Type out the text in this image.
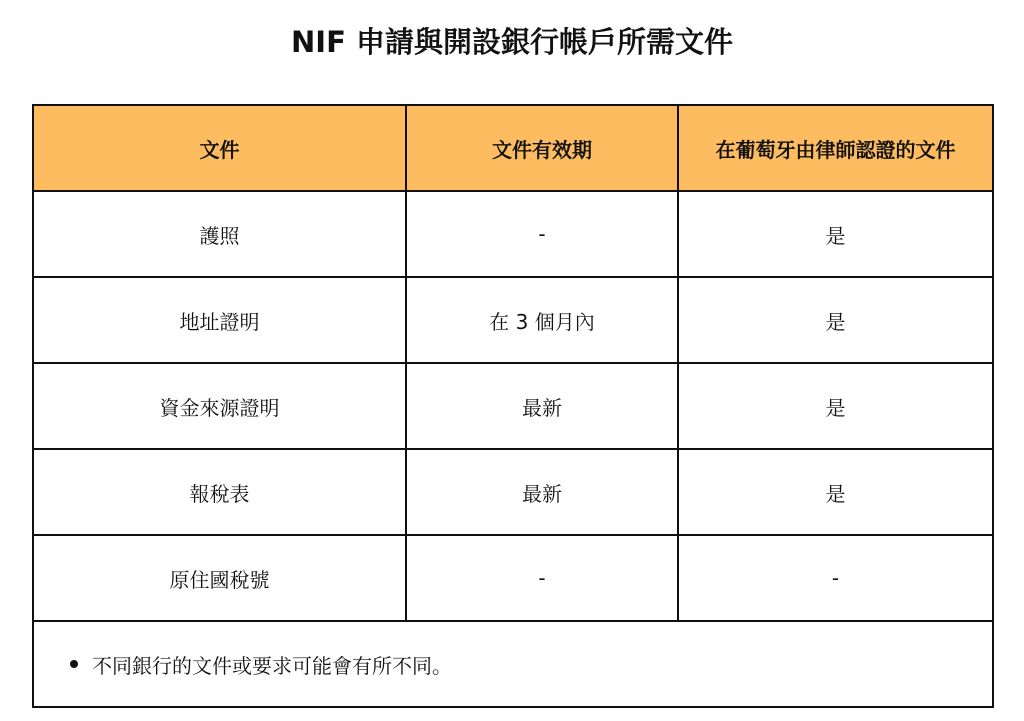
NIF 申請與開設銀行帳戶所需文件
文件	文件有效期	在葡萄牙由律師認證的文件
護照	-	是
地址證明	在 3 個月內	是
資金來源證明	最新	是
報稅表	最新	是
原住國稅號	-	-

不同銀行的文件或要求可能會有所不同。		
